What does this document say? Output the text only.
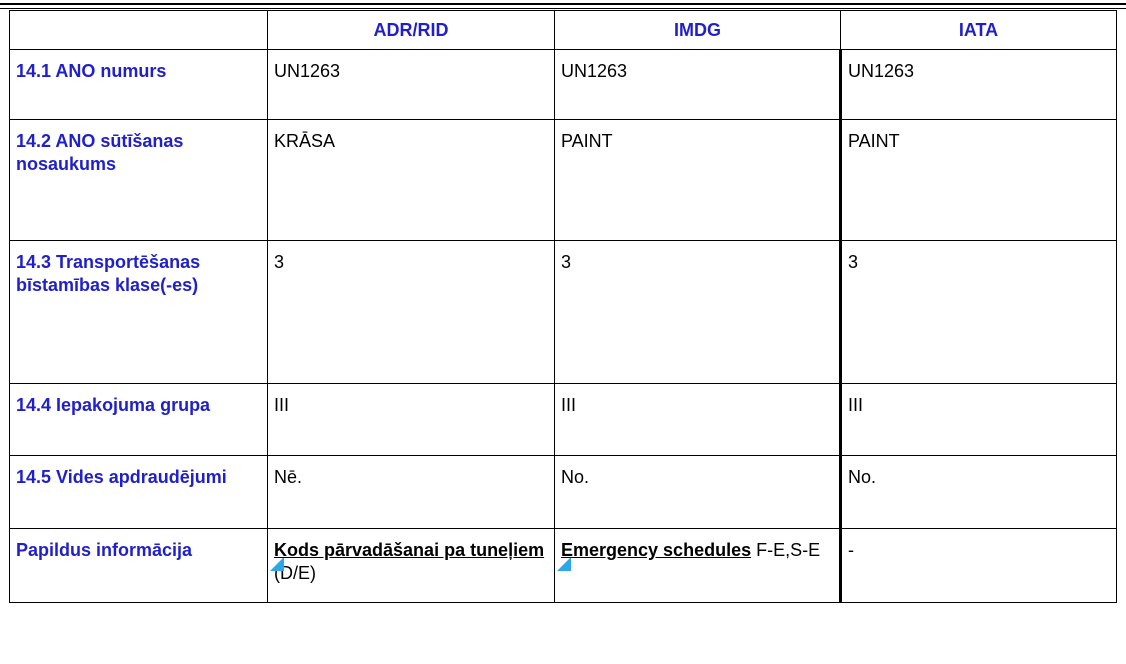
	ADR/RID	IMDG	IATA
14.1 ANO numurs	UN1263	UN1263	UN1263
14.2 ANO sūtīšanas nosaukums	KRĀSA	PAINT	PAINT
14.3 Transportēšanas bīstamības klase(-es)	3	3	3
14.4 Iepakojuma grupa	III	III	III
14.5 Vides apdraudējumi	Nē.	No.	No.
Papildus informācija	Kods pārvadāšanai pa tuneļiem (D/E)	Emergency schedules F-E,S-E	-
